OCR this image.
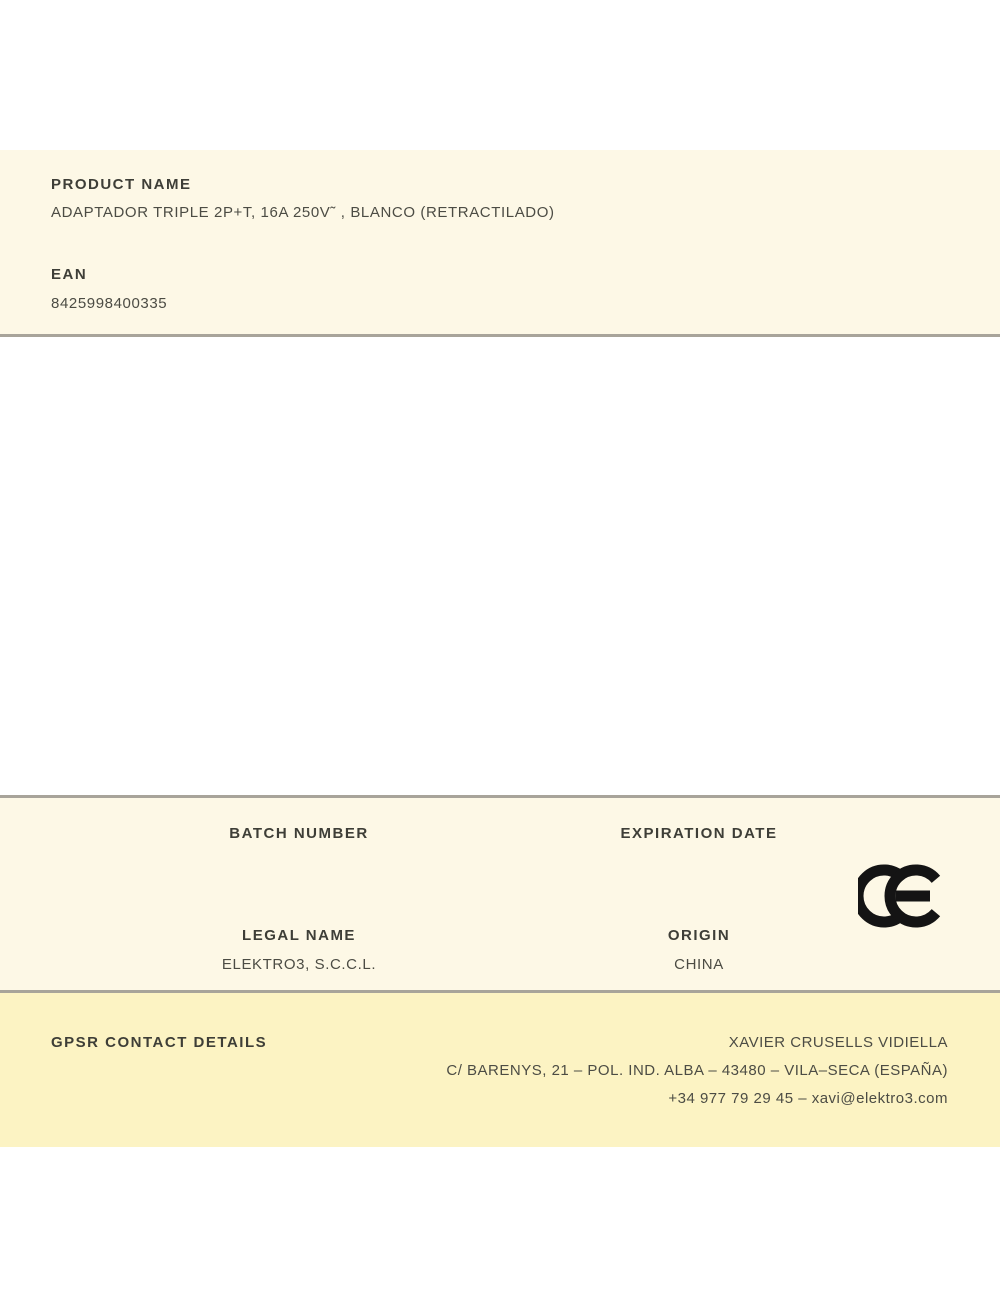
PRODUCT NAME
ADAPTADOR TRIPLE 2P+T, 16A 250V˜ , BLANCO (RETRACTILADO)
EAN
8425998400335
BATCH NUMBER
LEGAL NAME
ELEKTRO3, S.C.C.L.
EXPIRATION DATE
ORIGIN
CHINA
GPSR CONTACT DETAILS	XAVIER CRUSELLS VIDIELLA
C/ BARENYS, 21 – POL. IND. ALBA – 43480 – VILA–SECA (ESPAÑA)
+34 977 79 29 45 – xavi@elektro3.com
